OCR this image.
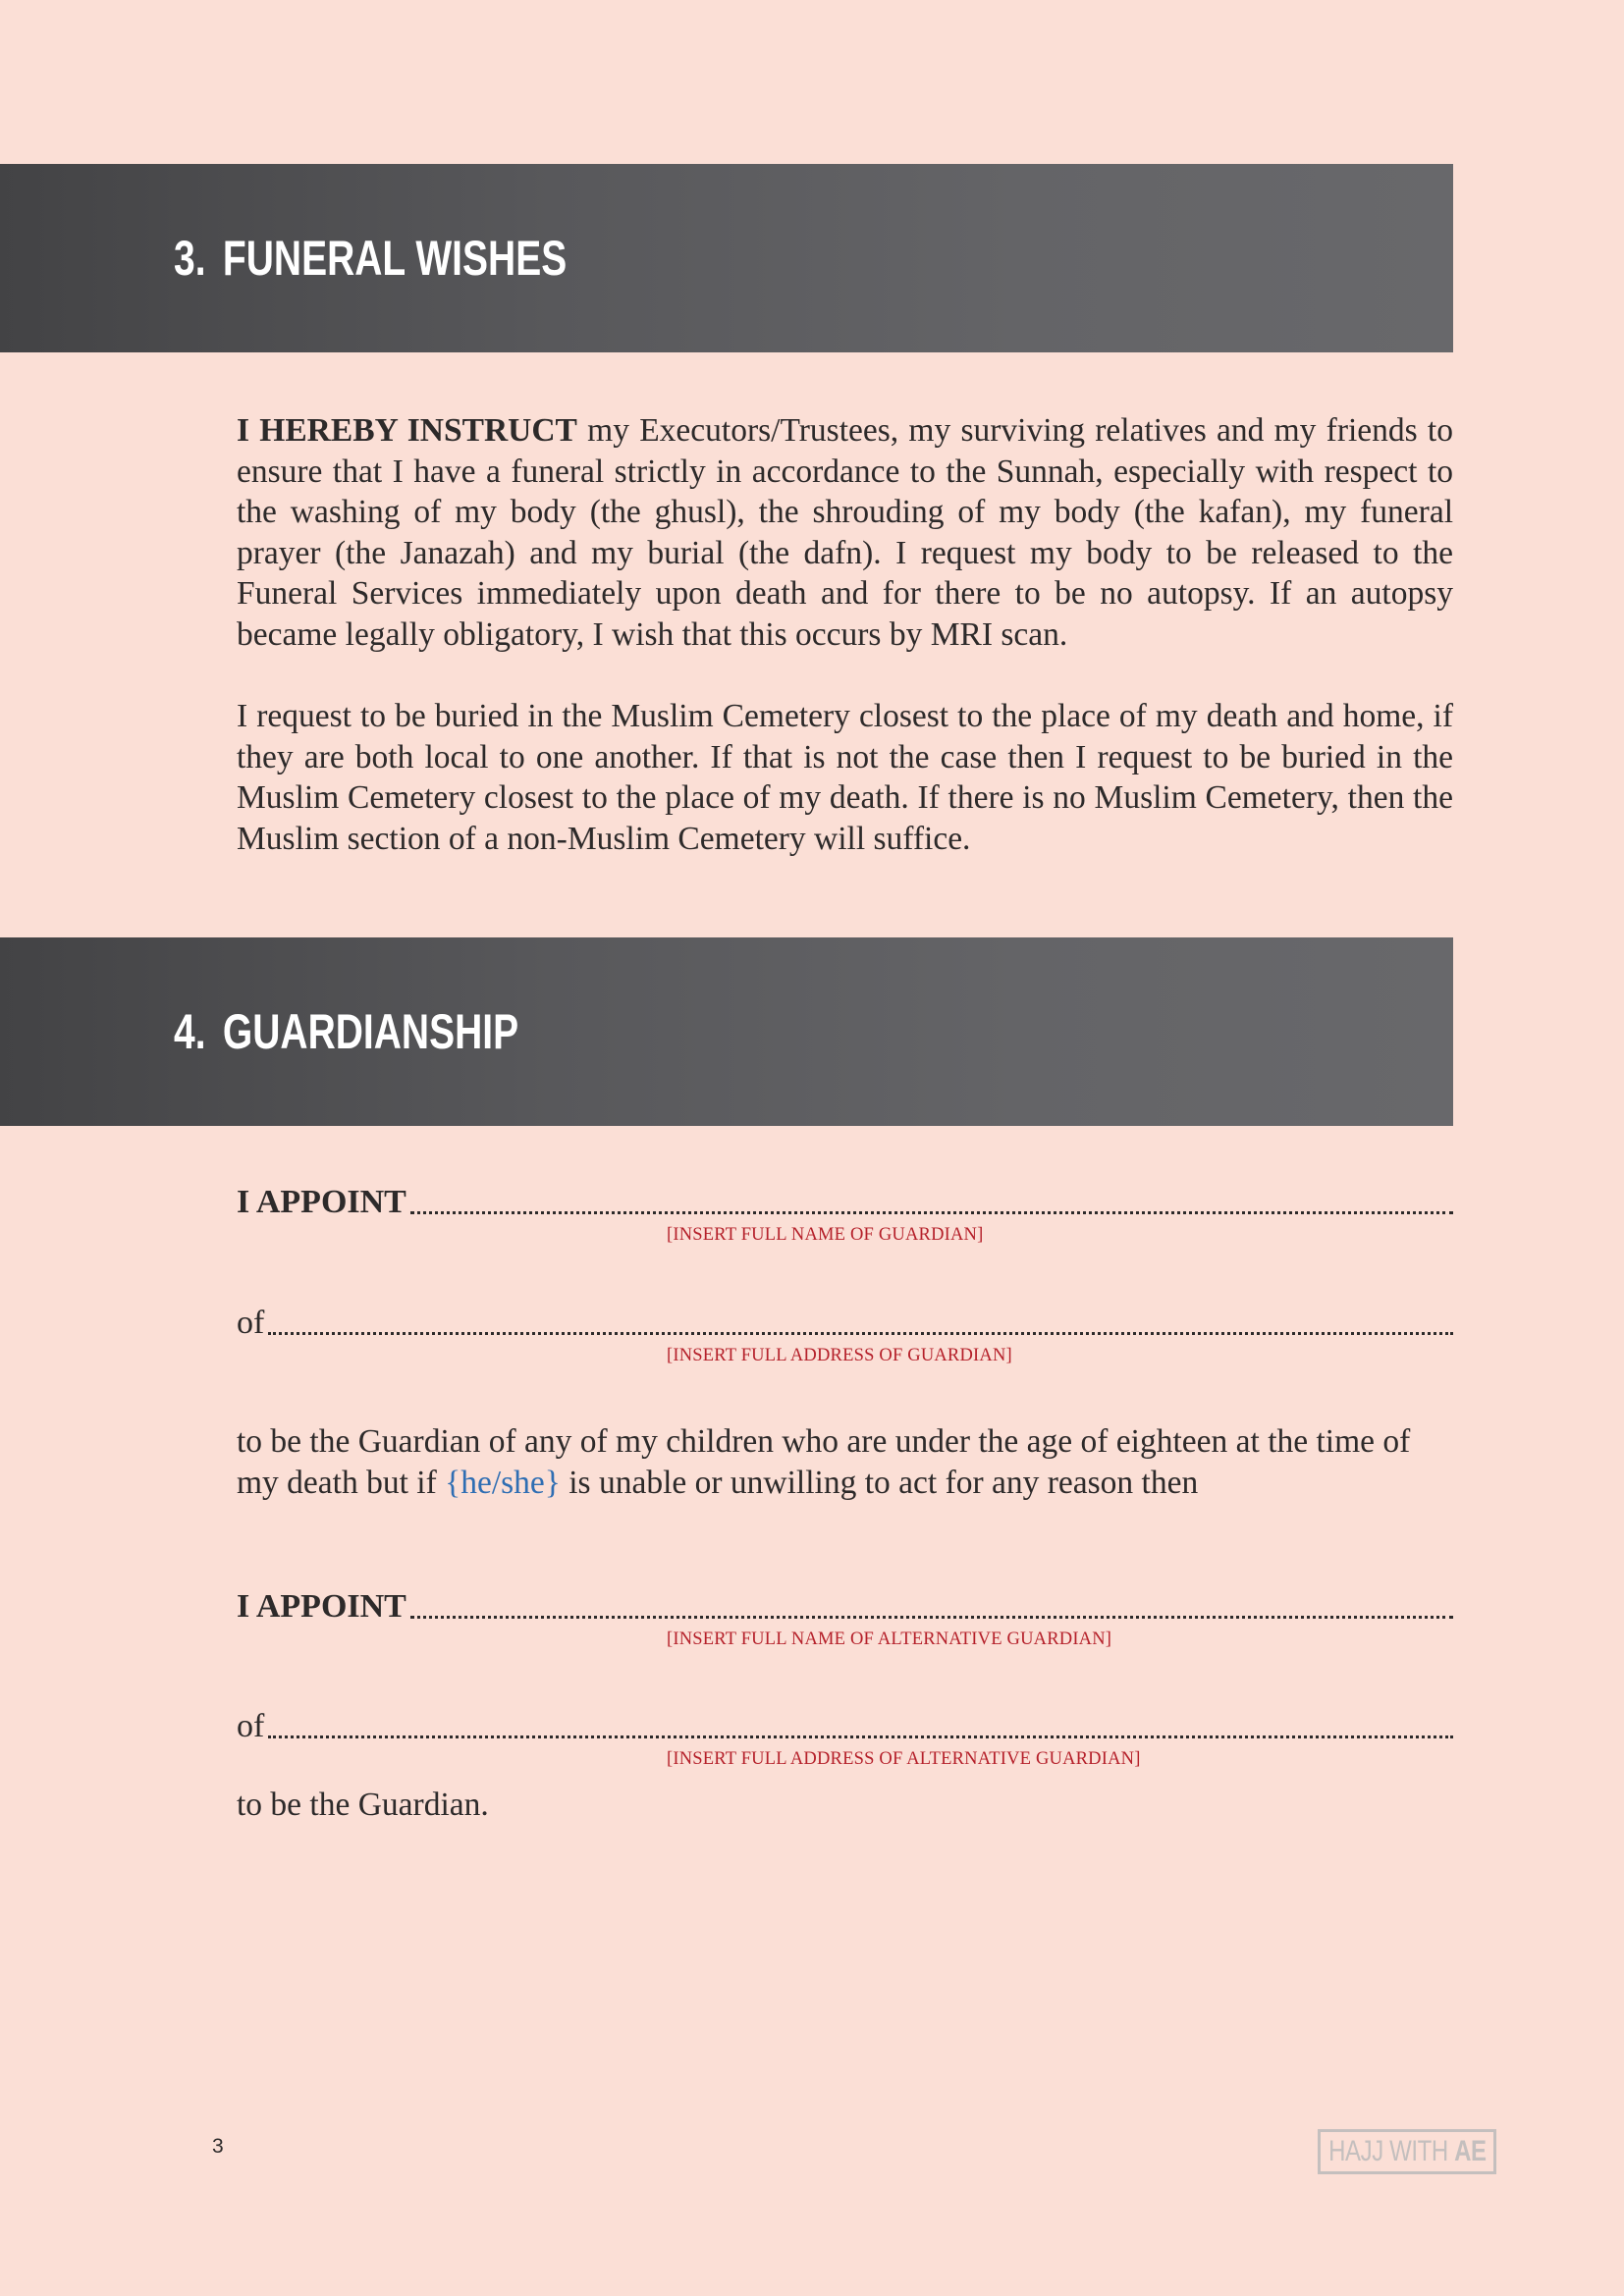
3. FUNERAL WISHES
I HEREBY INSTRUCT my Executors/Trustees, my surviving relatives and my friends to ensure that I have a funeral strictly in accordance to the Sunnah, especially with respect to the washing of my body (the ghusl), the shrouding of my body (the kafan), my funeral prayer (the Janazah) and my burial (the dafn). I request my body to be released to the Funeral Services immediately upon death and for there to be no autopsy. If an autopsy became legally obligatory, I wish that this occurs by MRI scan.
I request to be buried in the Muslim Cemetery closest to the place of my death and home, if they are both local to one another. If that is not the case then I request to be buried in the Muslim Cemetery closest to the place of my death. If there is no Muslim Cemetery, then the Muslim section of a non-Muslim Cemetery will suffice.
4. GUARDIANSHIP
I APPOINT
[INSERT FULL NAME OF GUARDIAN]
of
[INSERT FULL ADDRESS OF GUARDIAN]
to be the Guardian of any of my children who are under the age of eighteen at the time of my death but if {he/she} is unable or unwilling to act for any reason then
I APPOINT
[INSERT FULL NAME OF ALTERNATIVE GUARDIAN]
of
[INSERT FULL ADDRESS OF ALTERNATIVE GUARDIAN]
to be the Guardian.
3	HAJJ WITH AE
